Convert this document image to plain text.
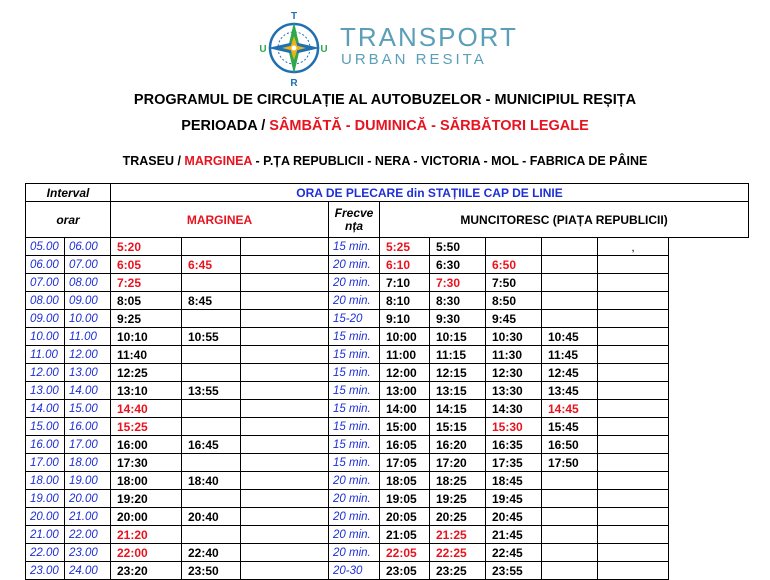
T
U
R
U	TRANSPORT
URBAN RESITA
PROGRAMUL DE CIRCULAȚIE AL AUTOBUZELOR - MUNICIPIUL REȘIȚA
PERIOADA / SÂMBĂTĂ - DUMINICĂ - SĂRBĂTORI LEGALE
TRASEU / MARGINEA - P.ȚA REPUBLICII - NERA - VICTORIA - MOL - FABRICA DE PÂINE
Interval		ORA DE PLECARE din STAȚIILE CAP DE LINIE								
orar		MARGINEA			Frecve
nța	MUNCITORESC (PIAȚA REPUBLICII)				
05.00	06.00	5:20			15 min.	5:25	5:50			,
06.00	07.00	6:05	6:45		20 min.	6:10	6:30	6:50		
07.00	08.00	7:25			20 min.	7:10	7:30	7:50		
08.00	09.00	8:05	8:45		20 min.	8:10	8:30	8:50		
09.00	10.00	9:25			15-20	9:10	9:30	9:45		
10.00	11.00	10:10	10:55		15 min.	10:00	10:15	10:30	10:45	
11.00	12.00	11:40			15 min.	11:00	11:15	11:30	11:45	
12.00	13.00	12:25			15 min.	12:00	12:15	12:30	12:45	
13.00	14.00	13:10	13:55		15 min.	13:00	13:15	13:30	13:45	
14.00	15.00	14:40			15 min.	14:00	14:15	14:30	14:45	
15.00	16.00	15:25			15 min.	15:00	15:15	15:30	15:45	
16.00	17.00	16:00	16:45		15 min.	16:05	16:20	16:35	16:50	
17.00	18.00	17:30			15 min.	17:05	17:20	17:35	17:50	
18.00	19.00	18:00	18:40		20 min.	18:05	18:25	18:45		
19.00	20.00	19:20			20 min.	19:05	19:25	19:45		
20.00	21.00	20:00	20:40		20 min.	20:05	20:25	20:45		
21.00	22.00	21:20			20 min.	21:05	21:25	21:45		
22.00	23.00	22:00	22:40		20 min.	22:05	22:25	22:45		
23.00	24.00	23:20	23:50		20-30	23:05	23:25	23:55		
